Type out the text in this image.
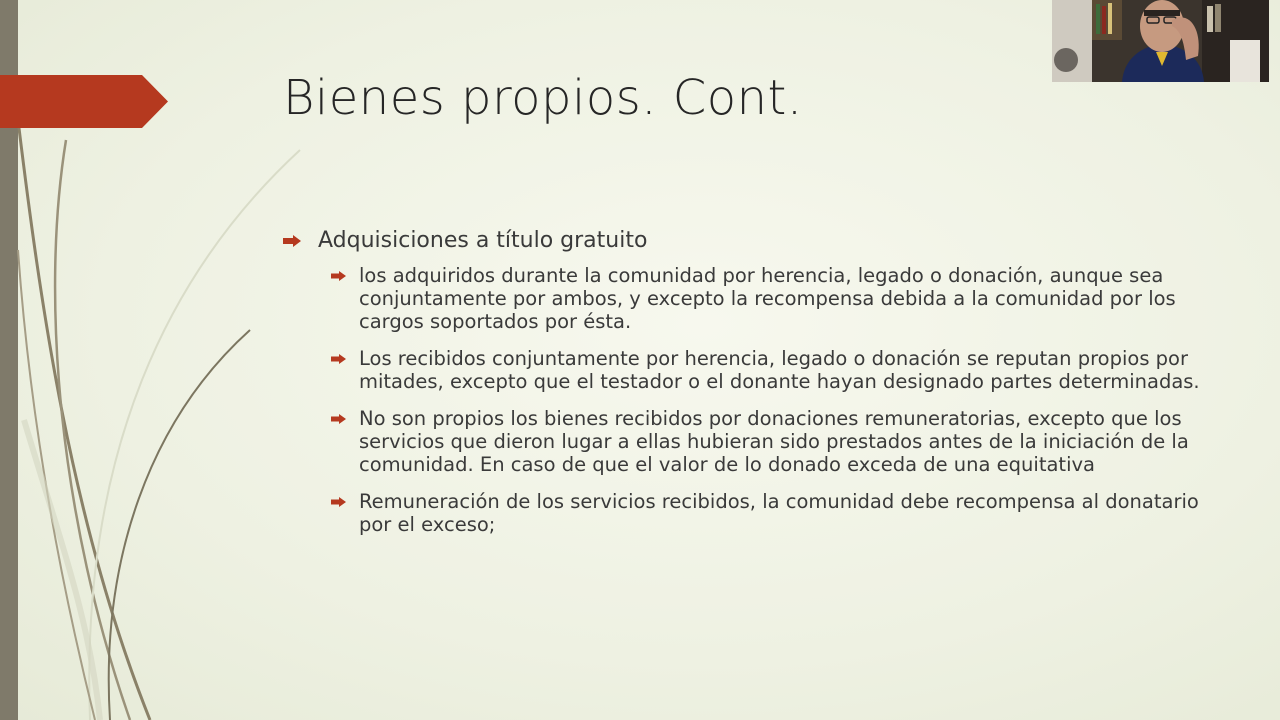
Bienes propios. Cont.
Adquisiciones a título gratuito
los adquiridos durante la comunidad por herencia, legado o donación, aunque sea conjuntamente por ambos, y excepto la recompensa debida a la comunidad por los cargos soportados por ésta.
Los recibidos conjuntamente por herencia, legado o donación se reputan propios por mitades, excepto que el testador o el donante hayan designado partes determinadas.
No son propios los bienes recibidos por donaciones remuneratorias, excepto que los servicios que dieron lugar a ellas hubieran sido prestados antes de la iniciación de la comunidad. En caso de que el valor de lo donado exceda de una equitativa
Remuneración de los servicios recibidos, la comunidad debe recompensa al donatario por el exceso;
